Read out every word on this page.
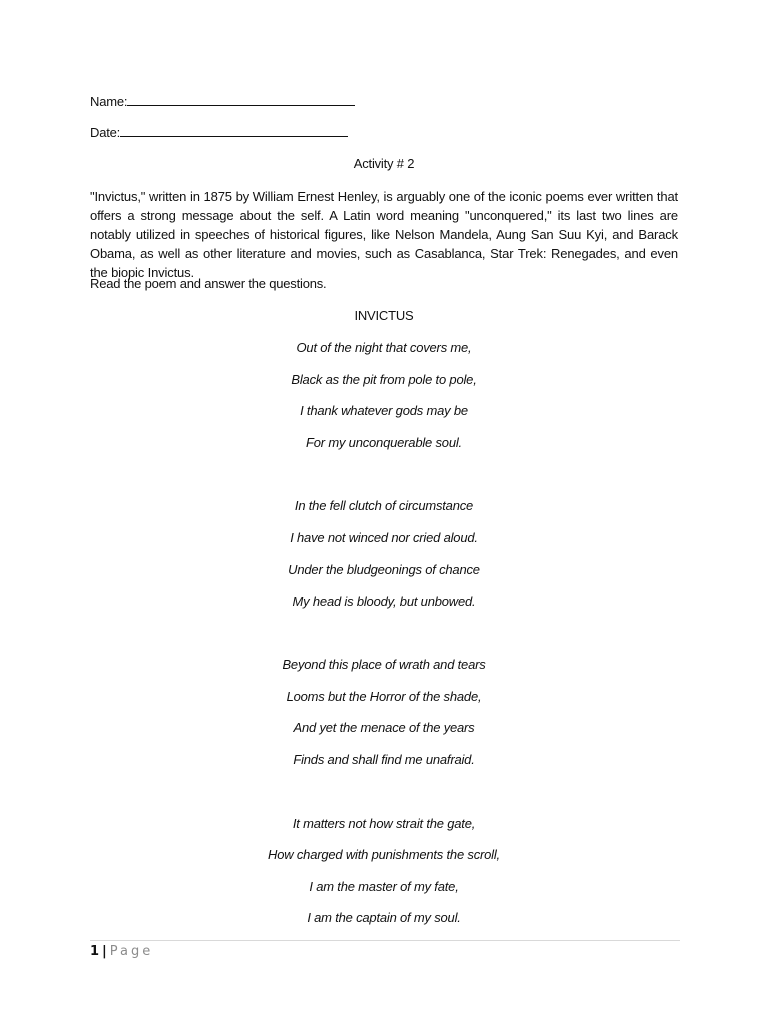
Name:
Date:
Activity # 2
"Invictus," written in 1875 by William Ernest Henley, is arguably one of the iconic poems ever written that offers a strong message about the self. A Latin word meaning "unconquered," its last two lines are notably utilized in speeches of historical figures, like Nelson Mandela, Aung San Suu Kyi, and Barack Obama, as well as other literature and movies, such as Casablanca, Star Trek: Renegades, and even the biopic Invictus.
Read the poem and answer the questions.
INVICTUS
Out of the night that covers me,
Black as the pit from pole to pole,
I thank whatever gods may be
For my unconquerable soul.
In the fell clutch of circumstance
I have not winced nor cried aloud.
Under the bludgeonings of chance
My head is bloody, but unbowed.
Beyond this place of wrath and tears
Looms but the Horror of the shade,
And yet the menace of the years
Finds and shall find me unafraid.
It matters not how strait the gate,
How charged with punishments the scroll,
I am the master of my fate,
I am the captain of my soul.
1 | Page
